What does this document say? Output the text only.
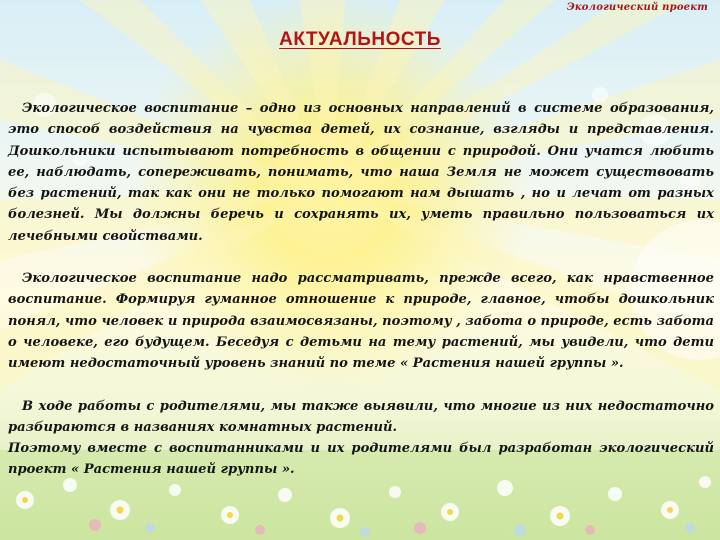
Экологический проект
АКТУАЛЬНОСТЬ

Экологическое воспитание – одно из основных направлений в системе образования, это способ воздействия на чувства детей, их сознание, взгляды и представления. Дошкольники испытывают потребность в общении с природой. Они учатся любить ее, наблюдать, сопереживать, понимать, что наша Земля не может существовать без растений, так как они не только помогают нам дышать , но и лечат от разных болезней. Мы должны беречь и сохранять их, уметь правильно пользоваться их лечебными свойствами.

Экологическое воспитание надо рассматривать, прежде всего, как нравственное воспитание. Формируя гуманное отношение к природе, главное, чтобы дошкольник понял, что человек и природа взаимосвязаны, поэтому , забота о природе, есть забота о человеке, его будущем. Беседуя с детьми на тему растений, мы увидели, что дети имеют недостаточный уровень знаний по теме « Растения нашей группы ».

В ходе работы с родителями, мы также выявили, что многие из них недостаточно разбираются в названиях комнатных растений.

Поэтому вместе с воспитанниками и их родителями был разработан экологический проект « Растения нашей группы ».
